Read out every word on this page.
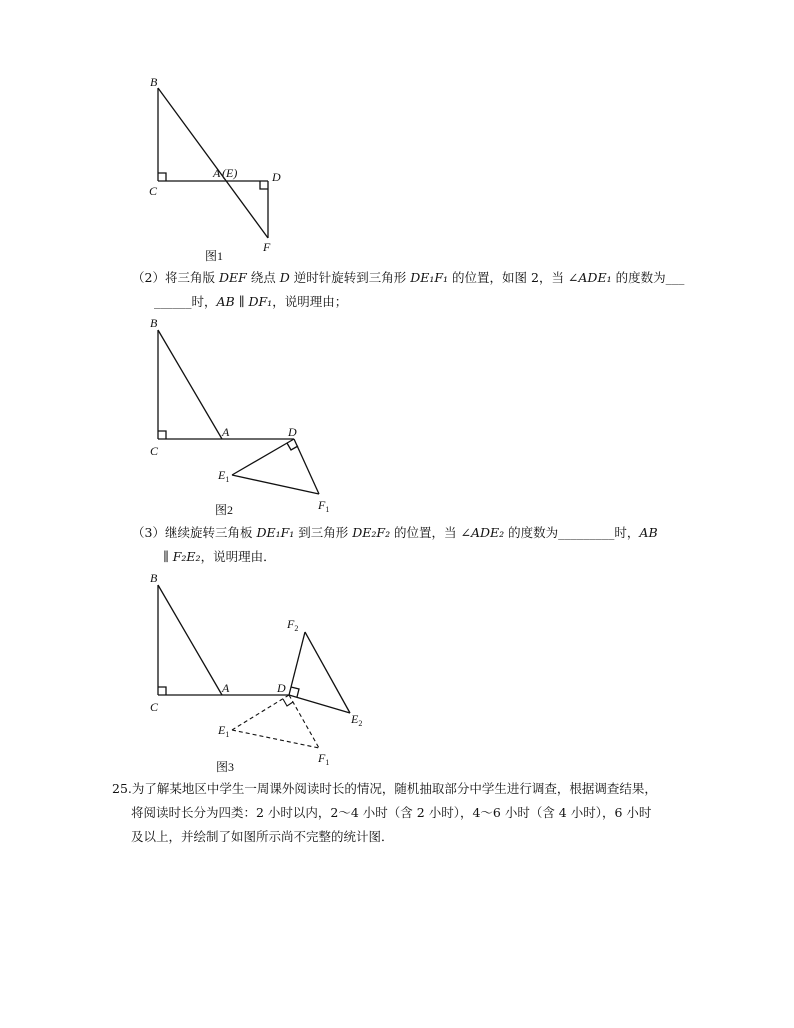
B
C
A (E)	D
F
图1
（2）将三角版 DEF 绕点 D 逆时针旋转到三角形 DE₁F₁ 的位置，如图 2，当 ∠ADE₁ 的度数为___
______时，AB ∥ DF₁，说明理由；
B
C
A	D
$E_1$
$F_1$
图2
（3）继续旋转三角板 DE₁F₁ 到三角形 DE₂F₂ 的位置，当 ∠ADE₂ 的度数为_________时，AB
∥ F₂E₂，说明理由．
B
C
A	D
$F_2$
$E_2$
$E_1$
$F_1$
图3
25.为了解某地区中学生一周课外阅读时长的情况，随机抽取部分中学生进行调查，根据调查结果，
将阅读时长分为四类：2 小时以内，2～4 小时（含 2 小时），4～6 小时（含 4 小时），6 小时
及以上，并绘制了如图所示尚不完整的统计图．
